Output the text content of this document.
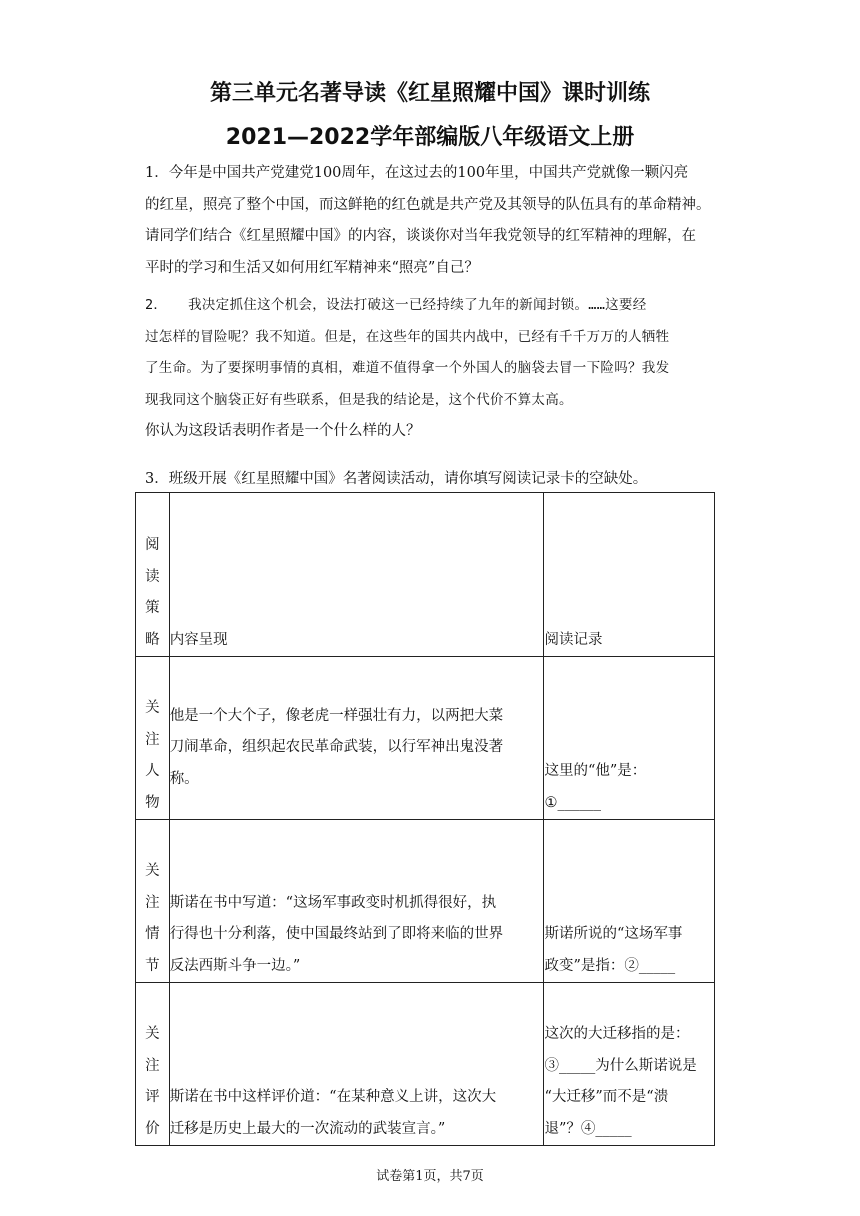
第三单元名著导读《红星照耀中国》课时训练
2021—2022学年部编版八年级语文上册
1．今年是中国共产党建党100周年，在这过去的100年里，中国共产党就像一颗闪亮
的红星，照亮了整个中国，而这鲜艳的红色就是共产党及其领导的队伍具有的革命精神。
请同学们结合《红星照耀中国》的内容，谈谈你对当年我党领导的红军精神的理解，在
平时的学习和生活又如何用红军精神来“照亮”自己？
2．　　我决定抓住这个机会，设法打破这一已经持续了九年的新闻封锁。……这要经
过怎样的冒险呢？我不知道。但是，在这些年的国共内战中，已经有千千万万的人牺牲
了生命。为了要探明事情的真相，难道不值得拿一个外国人的脑袋去冒一下险吗？我发
现我同这个脑袋正好有些联系，但是我的结论是，这个代价不算太高。
你认为这段话表明作者是一个什么样的人？
3．班级开展《红星照耀中国》名著阅读活动，请你填写阅读记录卡的空缺处。
阅
读
策
略	内容呈现	阅读记录

关
注
人
物	他是一个大个子，像老虎一样强壮有力，以两把大菜
刀闹革命，组织起农民革命武装，以行军神出鬼没著
称。	这里的“他”是：
①______

关
注
情
节	斯诺在书中写道：“这场军事政变时机抓得很好，执
行得也十分利落，使中国最终站到了即将来临的世界
反法西斯斗争一边。”	斯诺所说的“这场军事
政变”是指：②_____

关
注
评
价	斯诺在书中这样评价道：“在某种意义上讲，这次大
迁移是历史上最大的一次流动的武装宣言。”	这次的大迁移指的是：
③_____为什么斯诺说是
“大迁移”而不是“溃
退”？④_____
试卷第1页，共7页
